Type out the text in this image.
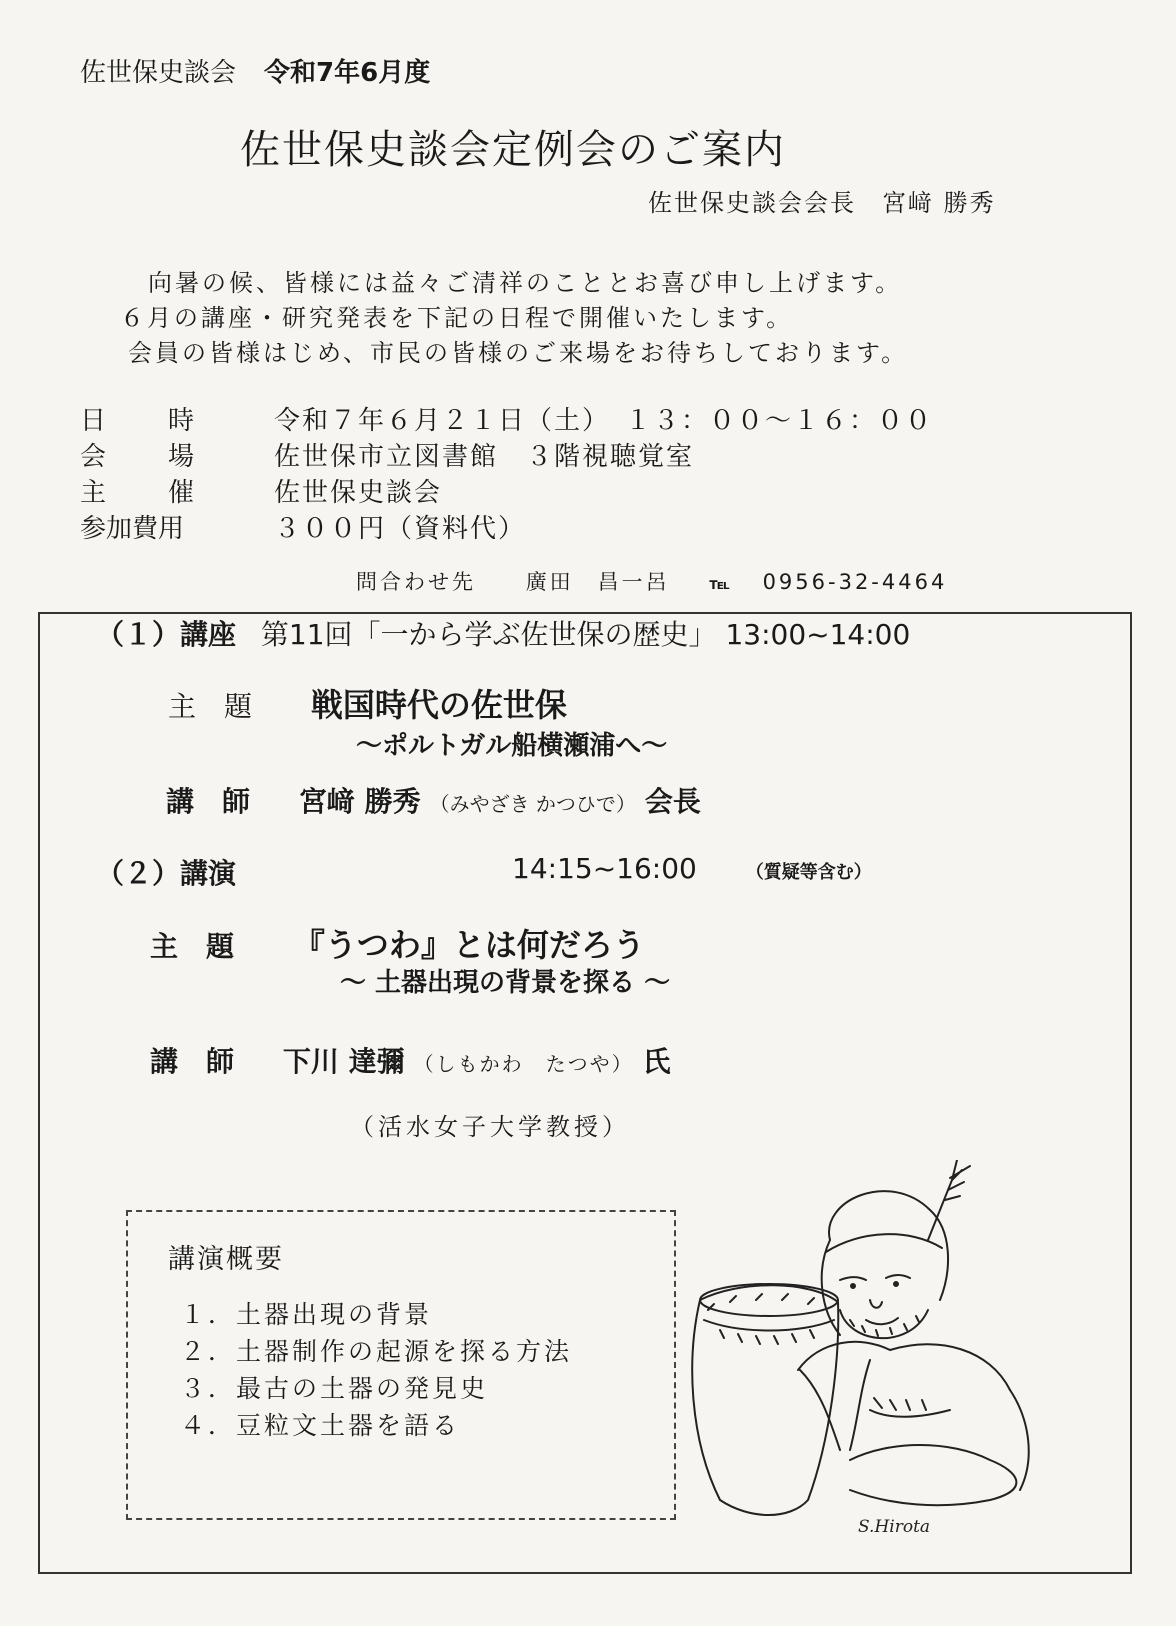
佐世保史談会 令和7年6月度
佐世保史談会定例会のご案内
佐世保史談会会長　宮﨑 勝秀
向暑の候、皆様には益々ご清祥のこととお喜び申し上げます。
６月の講座・研究発表を下記の日程で開催いたします。
会員の皆様はじめ、市民の皆様のご来場をお待ちしております。
日時 令和７年６月２１日（土）　１３：００～１６：００
会場 佐世保市立図書館　３階視聴覚室
主催 佐世保史談会
参加費用	３００円（資料代）
問合わせ先 廣田　昌一呂 ℡ 0956-32-4464
（１）講座 第11回「一から学ぶ佐世保の歴史」 13:00~14:00
主　題 戦国時代の佐世保
～ポルトガル船横瀬浦へ～
講　師 宮﨑 勝秀 （みやざき かつひで） 会長
（２）講演	14:15~16:00	（質疑等含む）
主　題 『うつわ』とは何だろう
～ 土器出現の背景を探る ～
講　師 下川 達彌 （しもかわ　たつや） 氏
（活水女子大学教授）
講演概要
１．土器出現の背景
２．土器制作の起源を探る方法
３．最古の土器の発見史
４．豆粒文土器を語る
S.Hirota
